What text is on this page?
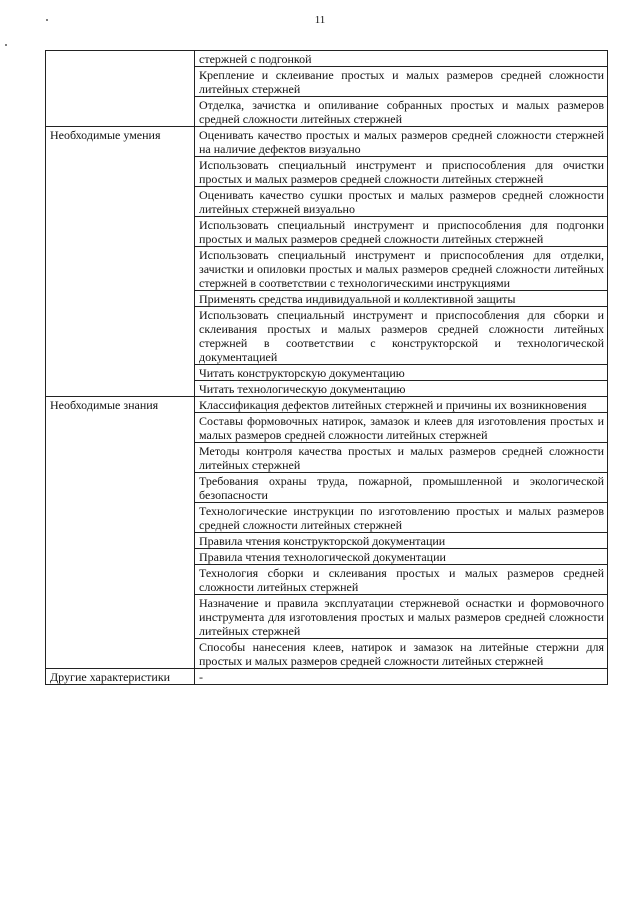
11
	стержней с подгонкой
	Крепление и склеивание простых и малых размеров средней сложности литейных стержней
	Отделка, зачистка и опиливание собранных простых и малых размеров средней сложности литейных стержней
Необходимые умения	Оценивать качество простых и малых размеров средней сложности стержней на наличие дефектов визуально
	Использовать специальный инструмент и приспособления для очистки простых и малых размеров средней сложности литейных стержней
	Оценивать качество сушки простых и малых размеров средней сложности литейных стержней визуально
	Использовать специальный инструмент и приспособления для подгонки простых и малых размеров средней сложности литейных стержней
	Использовать специальный инструмент и приспособления для отделки, зачистки и опиловки простых и малых размеров средней сложности литейных стержней в соответствии с технологическими инструкциями
	Применять средства индивидуальной и коллективной защиты
	Использовать специальный инструмент и приспособления для сборки и склеивания простых и малых размеров средней сложности литейных стержней в соответствии с конструкторской и технологической документацией
	Читать конструкторскую документацию
	Читать технологическую документацию
Необходимые знания	Классификация дефектов литейных стержней и причины их возникновения
	Составы формовочных натирок, замазок и клеев для изготовления простых и малых размеров средней сложности литейных стержней
	Методы контроля качества простых и малых размеров средней сложности литейных стержней
	Требования охраны труда, пожарной, промышленной и экологической безопасности
	Технологические инструкции по изготовлению простых и малых размеров средней сложности литейных стержней
	Правила чтения конструкторской документации
	Правила чтения технологической документации
	Технология сборки и склеивания простых и малых размеров средней сложности литейных стержней
	Назначение и правила эксплуатации стержневой оснастки и формовочного инструмента для изготовления простых и малых размеров средней сложности литейных стержней
	Способы нанесения клеев, натирок и замазок на литейные стержни для простых и малых размеров средней сложности литейных стержней
Другие характеристики	-
